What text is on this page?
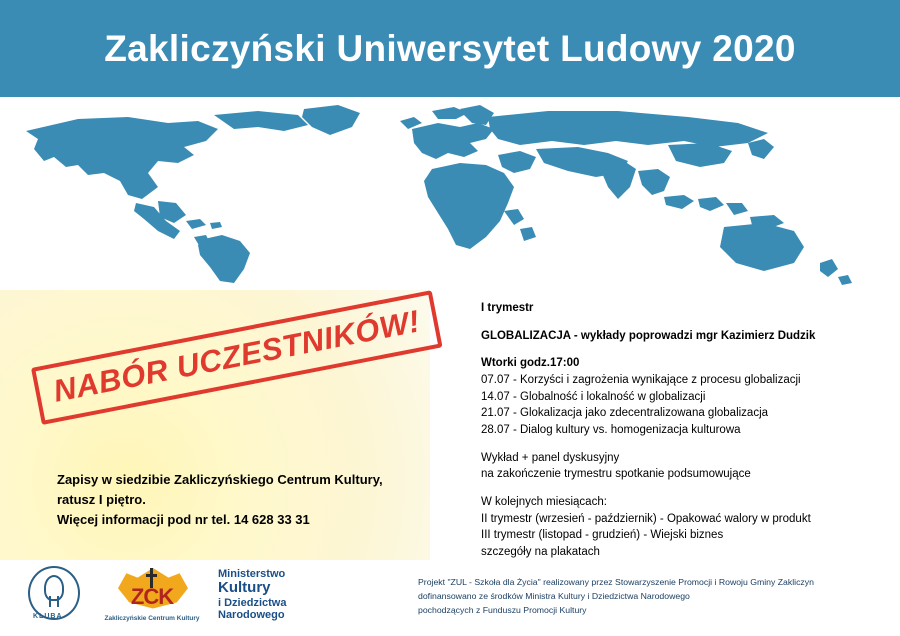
Zakliczyński Uniwersytet Ludowy 2020
NABÓR UCZESTNIKÓW!	I trymestr
GLOBALIZACJA - wykłady poprowadzi mgr Kazimierz Dudzik
Wtorki godz.17:00
07.07 - Korzyści i zagrożenia wynikające z procesu globalizacji
14.07 - Globalność i lokalność w globalizacji
21.07 - Glokalizacja jako zdecentralizowana globalizacja
28.07 - Dialog kultury vs. homogenizacja kulturowa
Wykład + panel dyskusyjny
na zakończenie trymestru spotkanie podsumowujące
W kolejnych miesiącach:
II trymestr (wrzesień - październik) - Opakować walory w produkt
III trymestr (listopad - grudzień) - Wiejski biznes
szczegóły na plakatach
Zapisy w siedzibie Zakliczyńskiego Centrum Kultury,
ratusz I piętro.
Więcej informacji pod nr tel. 14 628 33 31
KLUBA
ZCK
Zakliczyńskie Centrum Kultury
Ministerstwo
Kultury
i Dziedzictwa
Narodowego
Projekt "ZUL - Szkoła dla Życia" realizowany przez Stowarzyszenie Promocji i Rowoju Gminy Zakliczyn
dofinansowano ze środków Ministra Kultury i Dziedzictwa Narodowego
pochodzących z Funduszu Promocji Kultury
